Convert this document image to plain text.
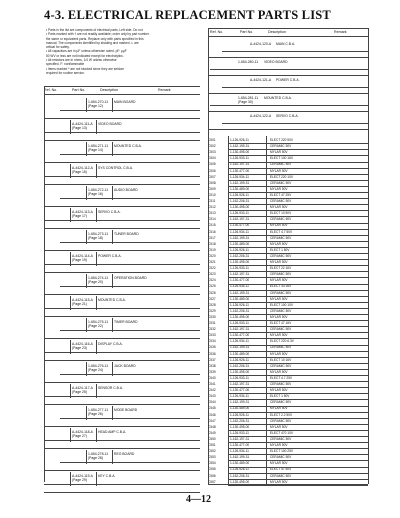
4-3. ELECTRICAL REPLACEMENT PARTS LIST
• Parts in the list are components of electrical parts, Left side. Do not
• Parts marked with † are not readily available; order only by part number.
the same or equivalent parts. Replace only with parts specified in this
manual. The components identified by shading and marked ⚠ are
critical for safety.
• All capacitors are in µF unless otherwise noted. pF: µµF
50 WV or less are not indicated except for electrolytics.
• All resistors are in ohms, 1/4 W unless otherwise
specified. F: nonflammable
• Items marked * are not stocked since they are seldom
required for routine service.
Ref. No.	Part No.	Description	Remark
Ref. No.	Part No.	Description	Remark
1-654-270-11 MAIN BOARD
(Page 12)
A-4424-111-A VIDEO BOARD
(Page 13)
1-654-271-11 MOUNTED C.B.A.
(Page 14)
A-4424-112-A SYS CONTROL C.B.A.
(Page 15)
1-654-272-11 AUDIO BOARD
(Page 16)
A-4424-113-A SERVO C.B.A.
(Page 17)
1-654-273-11 TUNER BOARD
(Page 18)
A-4424-114-A POWER C.B.A.
(Page 19)
1-654-274-11 OPERATION BOARD
(Page 20)
A-4424-115-A MOUNTED C.B.A.
(Page 21)
1-654-275-11 TIMER BOARD
(Page 22)
A-4424-116-A DISPLAY C.B.A.
(Page 23)
1-654-276-11 JACK BOARD
(Page 24)
A-4424-117-A SENSOR C.B.A.
(Page 25)
1-654-277-11 MODE BOARD
(Page 26)
A-4424-118-A HEAD AMP C.B.A.
(Page 27)
1-654-278-11 REG BOARD
(Page 28)
A-4424-119-A KEY C.B.A.
(Page 29)
A-4424-120-A MAIN C.B.A.
1-654-280-11 VIDEO BOARD
A-4424-121-A POWER C.B.A.
1-654-281-11 MOUNTED C.B.A.
(Page 30)
A-4424-122-A SERVO C.B.A.
C501	1-126-926-11	ELECT 220 50V
C502	1-162-199-31	CERAMIC 50V
C503	1-130-495-00	MYLAR 50V
C504	1-126-933-11	ELECT 100 16V
C505	1-162-197-31	CERAMIC 50V
C506	1-130-477-00	MYLAR 50V
C507	1-126-934-11	ELECT 220 10V
C508	1-162-199-31	CERAMIC 50V
C509	1-130-489-00	MYLAR 50V
C510	1-126-926-11	ELECT 47 25V
C511	1-162-206-31	CERAMIC 50V
C512	1-130-495-00	MYLAR 50V
C513	1-126-933-11	ELECT 10 50V
C514	1-162-197-31	CERAMIC 50V
C515	1-130-477-00	MYLAR 50V
C516	1-126-934-11	ELECT 4.7 50V
C517	1-162-199-31	CERAMIC 50V
C518	1-130-489-00	MYLAR 50V
C519	1-126-926-11	ELECT 1 50V
C520	1-162-206-31	CERAMIC 50V
C521	1-130-495-00	MYLAR 50V
C522	1-126-933-11	ELECT 22 16V
C523	1-162-197-31	CERAMIC 50V
C524	1-130-477-00	MYLAR 50V
C525	1-126-934-11	ELECT 33 16V
C526	1-162-199-31	CERAMIC 50V
C527	1-130-489-00	MYLAR 50V
C528	1-126-926-11	ELECT 100 10V
C529	1-162-206-31	CERAMIC 50V
C530	1-130-495-00	MYLAR 50V
C531	1-126-933-11	ELECT 47 16V
C532	1-162-197-31	CERAMIC 50V
C533	1-130-477-00	MYLAR 50V
C534	1-126-934-11	ELECT 220 6.3V
C535	1-162-199-31	CERAMIC 50V
C536	1-130-489-00	MYLAR 50V
C537	1-126-926-11	ELECT 10 16V
C538	1-162-206-31	CERAMIC 50V
C539	1-130-495-00	MYLAR 50V
C540	1-126-933-11	ELECT 4.7 25V
C541	1-162-197-31	CERAMIC 50V
C542	1-130-477-00	MYLAR 50V
C543	1-126-934-11	ELECT 1 50V
C544	1-162-199-31	CERAMIC 50V
C545	1-130-489-00	MYLAR 50V
C546	1-126-926-11	ELECT 2.2 50V
C547	1-162-206-31	CERAMIC 50V
C548	1-130-495-00	MYLAR 50V
C549	1-126-933-11	ELECT 470 10V
C550	1-162-197-31	CERAMIC 50V
C551	1-130-477-00	MYLAR 50V
C552	1-126-934-11	ELECT 100 25V
C553	1-162-199-31	CERAMIC 50V
C554	1-130-489-00	MYLAR 50V
C555	1-126-926-11	ELECT 47 50V
C556	1-162-206-31	CERAMIC 50V
C557	1-130-495-00	MYLAR 50V
4—12
